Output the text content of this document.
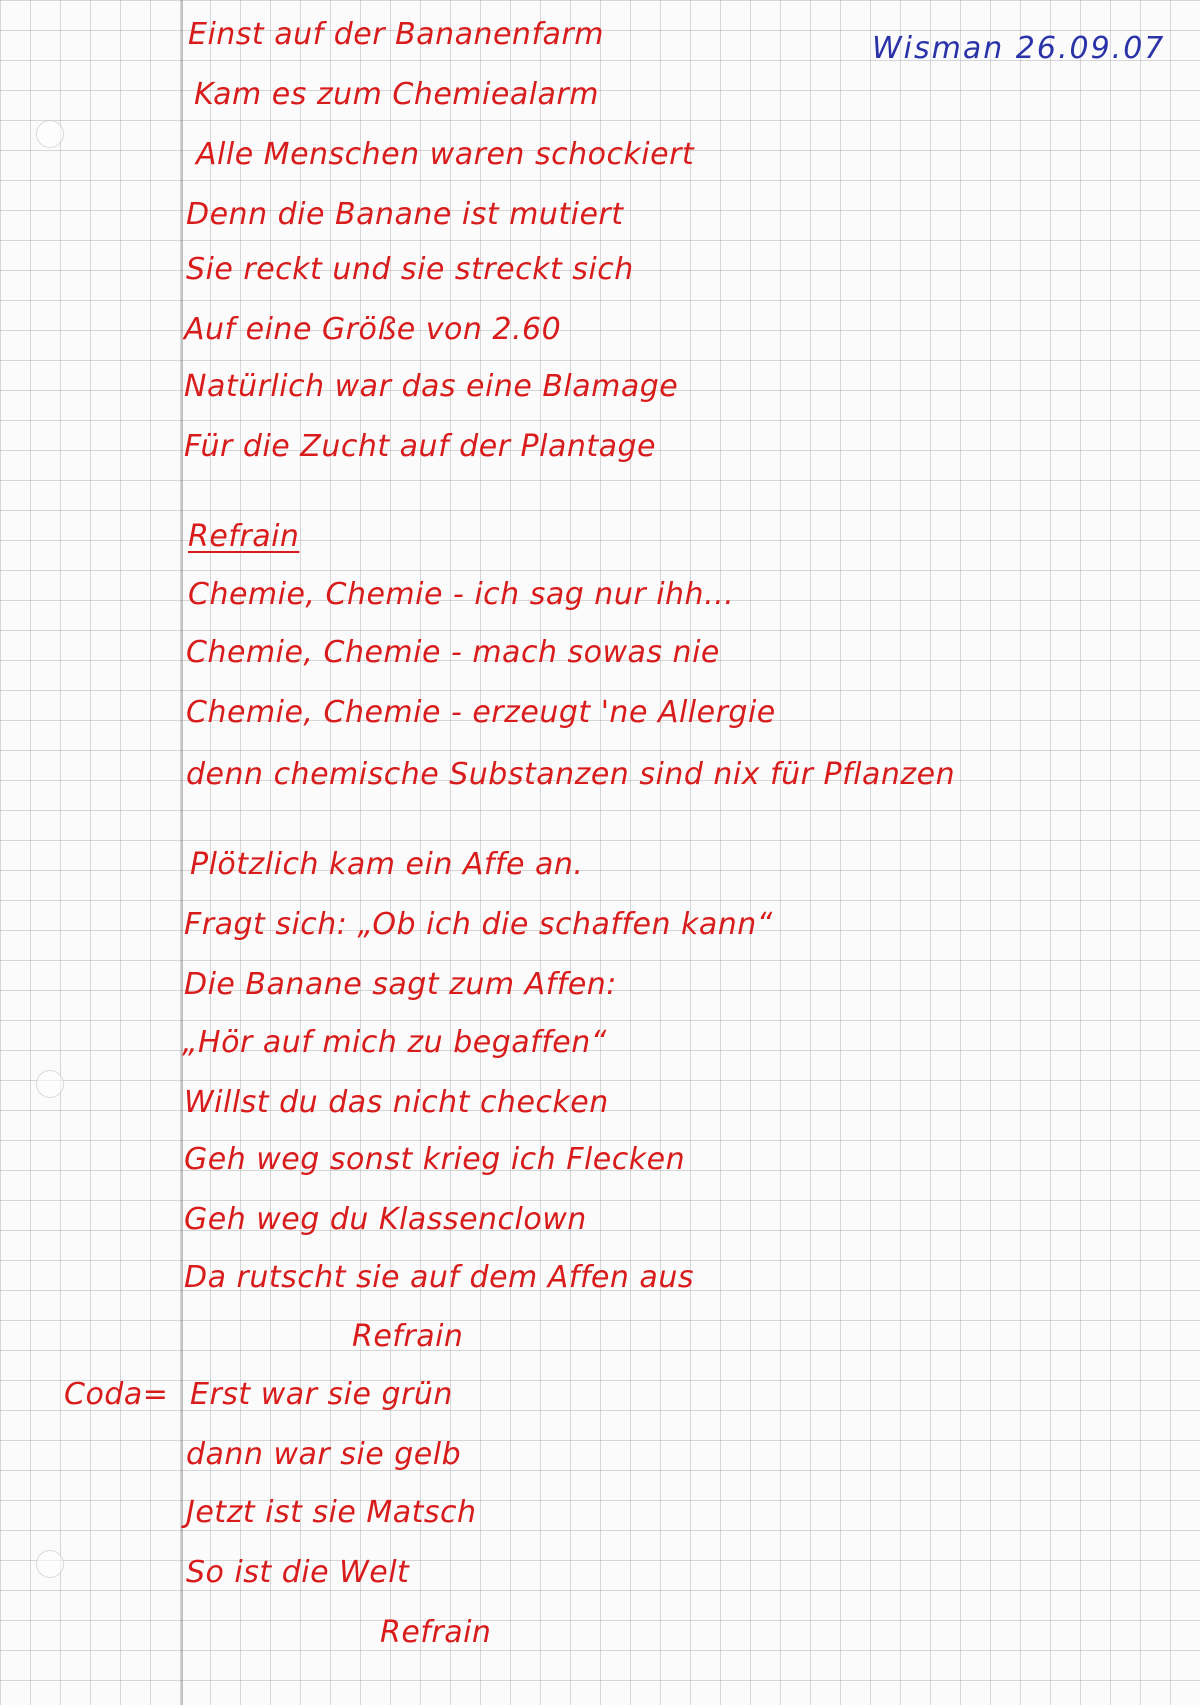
Wisman 26.09.07
Einst auf der Bananenfarm
Kam es zum Chemiealarm
Alle Menschen waren schockiert
Denn die Banane ist mutiert
Sie reckt und sie streckt sich
Auf eine Größe von 2.60
Natürlich war das eine Blamage
Für die Zucht auf der Plantage
Refrain
Chemie, Chemie - ich sag nur ihh...
Chemie, Chemie - mach sowas nie
Chemie, Chemie - erzeugt 'ne Allergie
denn chemische Substanzen sind nix für Pflanzen
Plötzlich kam ein Affe an.
Fragt sich: „Ob ich die schaffen kann“
Die Banane sagt zum Affen:
„Hör auf mich zu begaffen“
Willst du das nicht checken
Geh weg sonst krieg ich Flecken
Geh weg du Klassenclown
Da rutscht sie auf dem Affen aus
Refrain
Coda= Erst war sie grün
dann war sie gelb
Jetzt ist sie Matsch
So ist die Welt
Refrain
